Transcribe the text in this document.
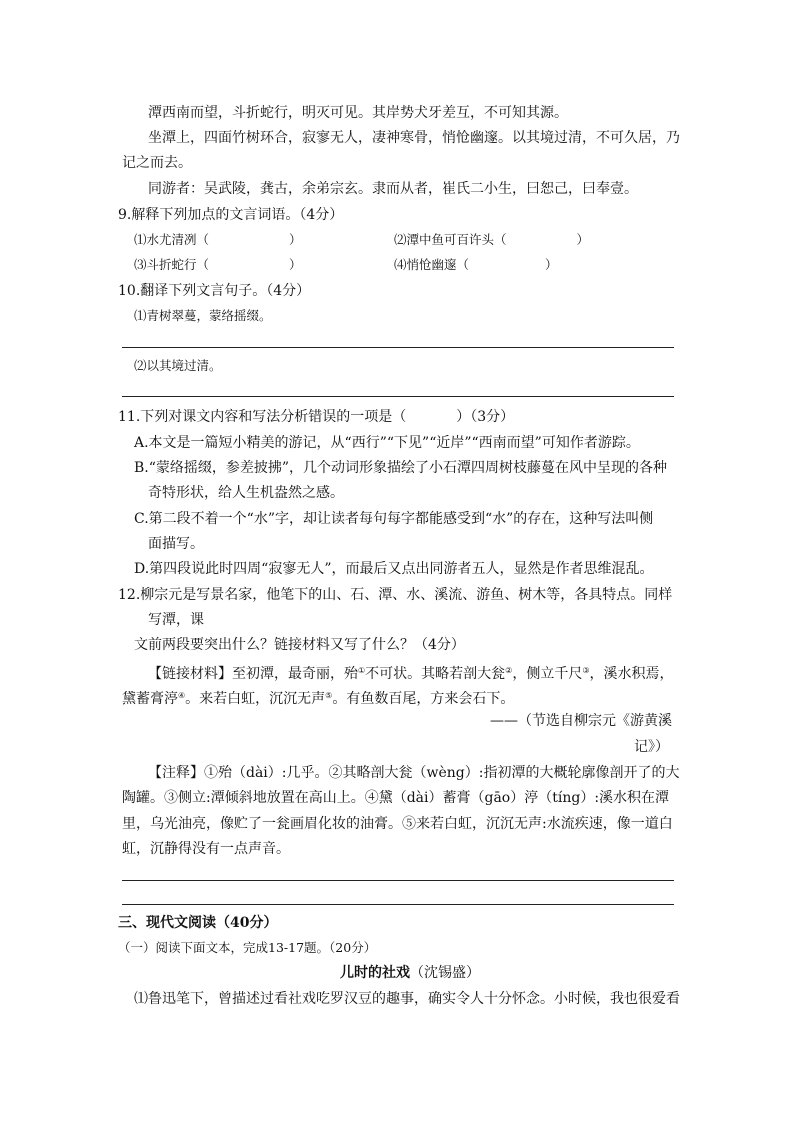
潭西南而望，斗折蛇行，明灭可见。其岸势犬牙差互，不可知其源。
坐潭上，四面竹树环合，寂寥无人，凄神寒骨，悄怆幽邃。以其境过清，不可久居，乃
记之而去。
同游者：吴武陵，龚古，余弟宗玄。隶而从者，崔氏二小生，曰恕己，曰奉壹。
9.解释下列加点的文言词语。（4分）
⑴水尤清冽（	）	⑵潭中鱼可百许头（	）
⑶斗折蛇行（	）	⑷悄怆幽邃（	）
10.翻译下列文言句子。（4分）
⑴青树翠蔓，蒙络摇缀。
⑵以其境过清。
11.下列对课文内容和写法分析错误的一项是（	）（3分）
A.本文是一篇短小精美的游记，从“西行”“下见”“近岸”“西南而望”可知作者游踪。
B.“蒙络摇缀，参差披拂”，几个动词形象描绘了小石潭四周树枝藤蔓在风中呈现的各种
奇特形状，给人生机盎然之感。
C.第二段不着一个“水”字，却让读者每句每字都能感受到“水”的存在，这种写法叫侧
面描写。
D.第四段说此时四周“寂寥无人”，而最后又点出同游者五人，显然是作者思维混乱。
12.柳宗元是写景名家，他笔下的山、石、潭、水、溪流、游鱼、树木等，各具特点。同样
写潭，课
文前两段要突出什么？链接材料又写了什么？（4分）
【链接材料】至初潭，最奇丽，殆①不可状。其略若剖大瓮②，侧立千尺③，溪水积焉，
黛蓄膏渟④。来若白虹，沉沉无声⑤。有鱼数百尾，方来会石下。
——（节选自柳宗元《游黄溪
记》）
【注释】①殆（dài）:几乎。②其略剖大瓮（wèng）:指初潭的大概轮廓像剖开了的大
陶罐。③侧立:潭倾斜地放置在高山上。④黛（dài）蓄膏（gāo）渟（tíng）:溪水积在潭
里，乌光油亮，像贮了一瓮画眉化妆的油膏。⑤来若白虹，沉沉无声:水流疾速，像一道白
虹，沉静得没有一点声音。
三、现代文阅读（40分）
（一）阅读下面文本，完成13-17题。（20分）
儿时的社戏（沈锡盛）
⑴鲁迅笔下，曾描述过看社戏吃罗汉豆的趣事，确实令人十分怀念。小时候，我也很爱看
